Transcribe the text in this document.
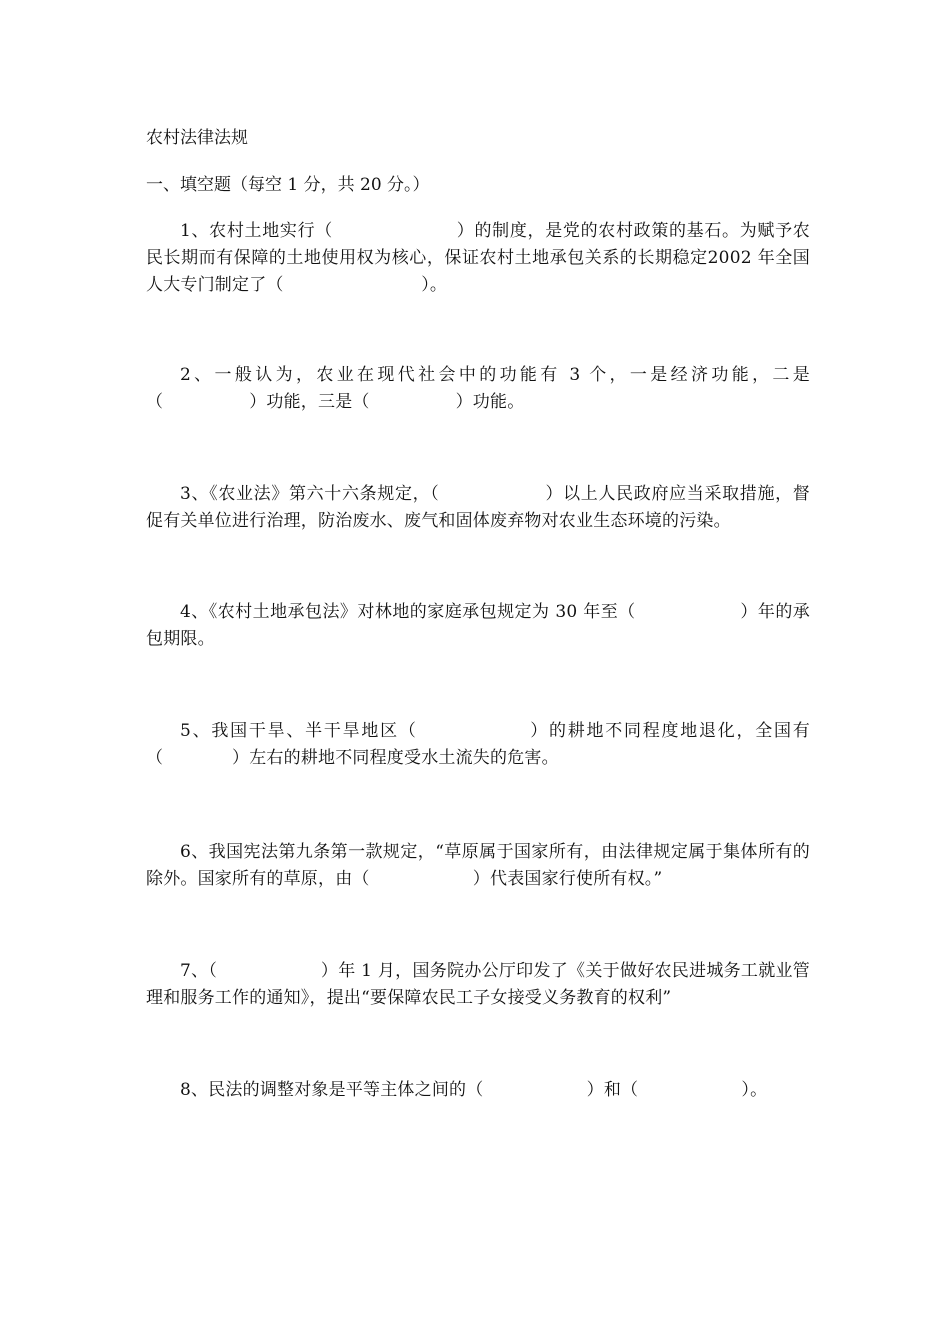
农村法律法规
一、填空题（每空 1 分，共 20 分。）
1、农村土地实行（　　　　　　　）的制度，是党的农村政策的基石。为赋予农民长期而有保障的土地使用权为核心，保证农村土地承包关系的长期稳定2002 年全国人大专门制定了（　　　　　　　　）。
2、一般认为，农业在现代社会中的功能有 3 个，一是经济功能，二是（　　　　　）功能，三是（　　　　　）功能。
3、《农业法》第六十六条规定，（　　　　　　）以上人民政府应当采取措施，督促有关单位进行治理，防治废水、废气和固体废弃物对农业生态环境的污染。
4、《农村土地承包法》对林地的家庭承包规定为 30 年至（　　　　　　）年的承包期限。
5、我国干旱、半干旱地区（　　　　　　）的耕地不同程度地退化，全国有（　　　　）左右的耕地不同程度受水土流失的危害。
6、我国宪法第九条第一款规定，“草原属于国家所有，由法律规定属于集体所有的除外。国家所有的草原，由（　　　　　　）代表国家行使所有权。”
7、（　　　　　　）年 1 月，国务院办公厅印发了《关于做好农民进城务工就业管理和服务工作的通知》，提出“要保障农民工子女接受义务教育的权利”
8、民法的调整对象是平等主体之间的（　　　　　　）和（　　　　　　）。
